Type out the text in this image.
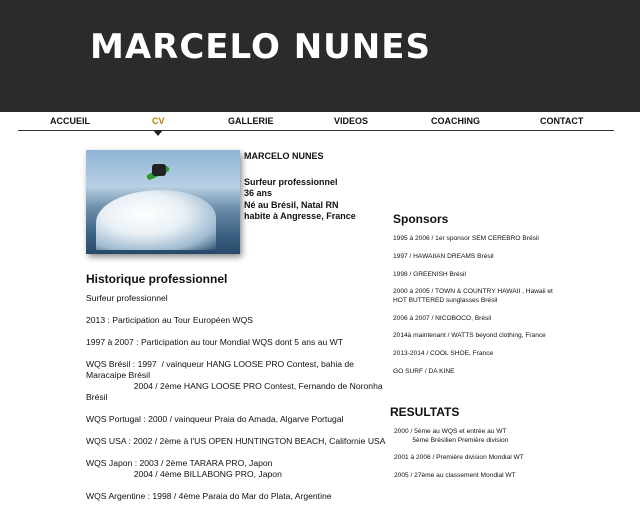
MARCELO NUNES
ACCUEIL	CV	GALLERIE	VIDEOS	COACHING	CONTACT
MARCELO NUNES
Surfeur professionnel
36 ans
Né au Brésil, Natal RN
habite à Angresse, France
Historique professionnel

Surfeur professionnel

2013 : Participation au Tour Européen WQS

1997 à 2007 : Participation au tour Mondial WQS dont 5 ans au WT

WQS Brésil : 1997  / vainqueur HANG LOOSE PRO Contest, bahia de Maracaipe Brésil
2004 / 2ème HANG LOOSE PRO Contest, Fernando de Noronha Brésil

WQS Portugal : 2000 / vainqueur Praia do Amada, Algarve Portugal

WQS USA : 2002 / 2ème à l'US OPEN HUNTINGTON BEACH, Californie USA

WQS Japon : 2003 / 2ème TARARA PRO, Japon
2004 / 4ème BILLABONG PRO, Japon

WQS Argentine : 1998 / 4ème Paraia do Mar do Plata, Argentine

Sponsors

1995 à 2006 / 1er sponsor SEM CEREBRO Brésil

1997 / HAWAIIAN DREAMS Brésil

1998 / GREENISH Brésil

2000 à 2005 / TOWN & COUNTRY HAWAII , Hawaii et HOT BUTTERED sunglasses Brésil

2006 à 2007 / NICOBOCO, Brésil

2014à maintenant / WATTS beyond clothing, France

2013-2014 / COOL SHOE, France

GO SURF / DA KINE

RESULTATS

2000 / 5ème au WQS et entrée au WT
5ème Brésilien Première division

2001 à 2006 / Première division Mondial WT

2005 / 27ème au classement Mondial WT
